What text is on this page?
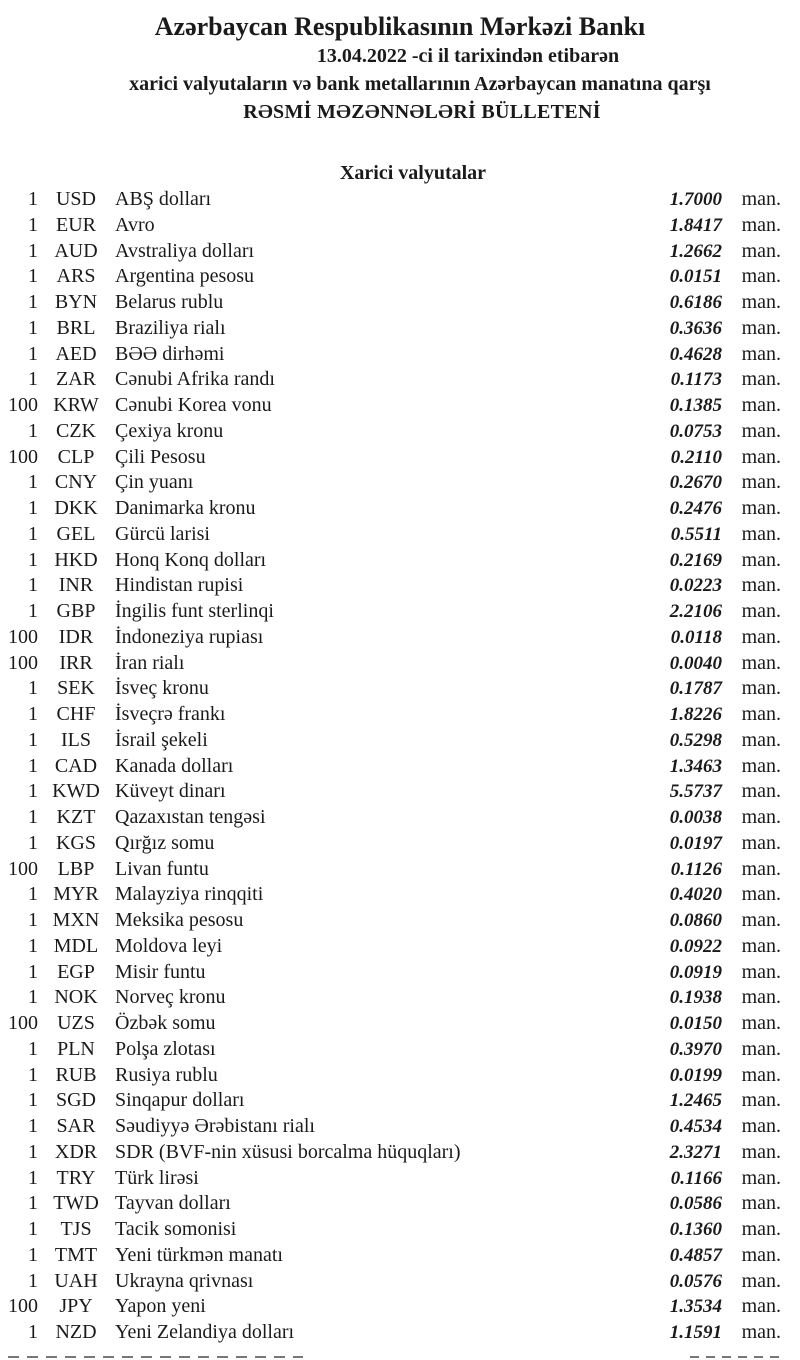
Azərbaycan Respublikasının Mərkəzi Bankı
13.04.2022 -ci il tarixindən etibarən
xarici valyutaların və bank metallarının Azərbaycan manatına qarşı
RƏSMİ MƏZƏNNƏLƏRİ BÜLLETENİ
Xarici valyutalar
1 USD ABŞ dolları	1.7000 man.
1 EUR Avro	1.8417 man.
1 AUD Avstraliya dolları	1.2662 man.
1 ARS Argentina pesosu	0.0151 man.
1 BYN Belarus rublu	0.6186 man.
1 BRL Braziliya rialı	0.3636 man.
1 AED BƏƏ dirhəmi	0.4628 man.
1 ZAR Cənubi Afrika randı	0.1173 man.
100 KRW Cənubi Korea vonu	0.1385 man.
1 CZK Çexiya kronu	0.0753 man.
100 CLP	Çili Pesosu	0.2110 man.
1 CNY Çin yuanı	0.2670 man.
1 DKK Danimarka kronu	0.2476 man.
1 GEL Gürcü larisi	0.5511 man.
1 HKD Honq Konq dolları	0.2169 man.
1	INR	Hindistan rupisi	0.0223 man.
1 GBP İngilis funt sterlinqi	2.2106 man.
100	IDR	İndoneziya rupiası	0.0118 man.
100	IRR	İran rialı	0.0040 man.
1 SEK	İsveç kronu	0.1787 man.
1 CHF İsveçrə frankı	1.8226 man.
1	ILS	İsrail şekeli	0.5298 man.
1 CAD Kanada dolları	1.3463 man.
1 KWD Küveyt dinarı	5.5737 man.
1 KZT Qazaxıstan tengəsi	0.0038 man.
1 KGS Qırğız somu	0.0197 man.
100 LBP	Livan funtu	0.1126 man.
1 MYR Malayziya rinqqiti	0.4020 man.
1 MXN Meksika pesosu	0.0860 man.
1 MDL Moldova leyi	0.0922 man.
1 EGP	Misir funtu	0.0919 man.
1 NOK Norveç kronu	0.1938 man.
100 UZS	Özbək somu	0.0150 man.
1 PLN	Polşa zlotası	0.3970 man.
1 RUB Rusiya rublu	0.0199 man.
1 SGD Sinqapur dolları	1.2465 man.
1 SAR Səudiyyə Ərəbistanı rialı	0.4534 man.
1 XDR SDR (BVF-nin xüsusi borcalma hüquqları)	2.3271 man.
1 TRY Türk lirəsi	0.1166 man.
1 TWD Tayvan dolları	0.0586 man.
1	TJS	Tacik somonisi	0.1360 man.
1 TMT Yeni türkmən manatı	0.4857 man.
1 UAH Ukrayna qrivnası	0.0576 man.
100	JPY	Yapon yeni	1.3534 man.
1 NZD Yeni Zelandiya dolları	1.1591 man.
